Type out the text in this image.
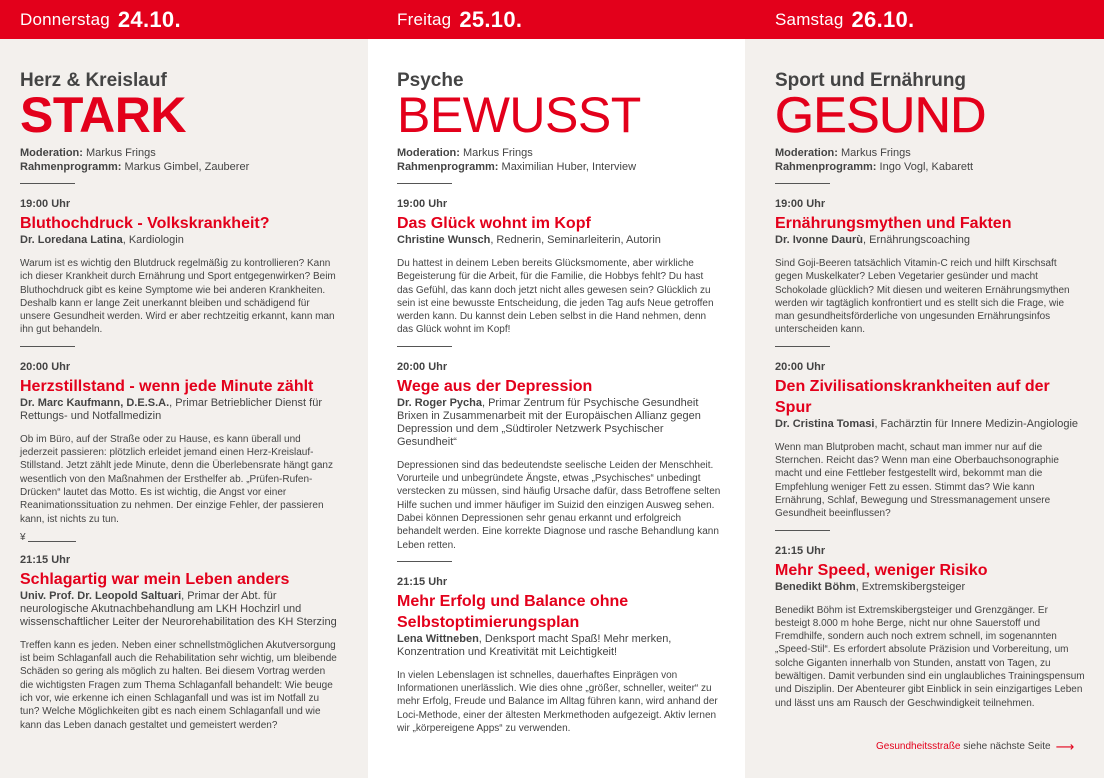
Donnerstag 24.10.	Freitag 25.10.	Samstag 26.10.
Herz & Kreislauf
STARK
Moderation: Markus Frings
Rahmenprogramm: Markus Gimbel, Zauberer
19:00 Uhr
Bluthochdruck - Volkskrankheit?
Dr. Loredana Latina, Kardiologin
Warum ist es wichtig den Blutdruck regelmäßig zu kontrollieren? Kann ich dieser Krankheit durch Ernährung und Sport entgegenwirken? Beim Bluthochdruck gibt es keine Symptome wie bei anderen Krankheiten. Deshalb kann er lange Zeit unerkannt bleiben und schädigend für unsere Gesundheit werden. Wird er aber rechtzeitig erkannt, kann man ihn gut behandeln.
20:00 Uhr
Herzstillstand - wenn jede Minute zählt
Dr. Marc Kaufmann, D.E.S.A., Primar Betrieblicher Dienst für Rettungs- und Notfallmedizin
Ob im Büro, auf der Straße oder zu Hause, es kann überall und jederzeit passieren: plötzlich erleidet jemand einen Herz-Kreislauf-Stillstand. Jetzt zählt jede Minute, denn die Überlebensrate hängt ganz wesentlich von den Maßnahmen der Ersthelfer ab. „Prüfen-Rufen-Drücken“ lautet das Motto. Es ist wichtig, die Angst vor einer Reanimationssituation zu nehmen. Der einzige Fehler, der passieren kann, ist nichts zu tun.
¥
21:15 Uhr
Schlagartig war mein Leben anders
Univ. Prof. Dr. Leopold Saltuari, Primar der Abt. für neurologische Akutnachbehandlung am LKH Hochzirl und wissenschaftlicher Leiter der Neurorehabilitation des KH Sterzing
Treffen kann es jeden. Neben einer schnellstmöglichen Akutversorgung ist beim Schlaganfall auch die Rehabilitation sehr wichtig, um bleibende Schäden so gering als möglich zu halten. Bei diesem Vortrag werden die wichtigsten Fragen zum Thema Schlaganfall behandelt: Wie beuge ich vor, wie erkenne ich einen Schlaganfall und was ist im Notfall zu tun? Welche Möglichkeiten gibt es nach einem Schlaganfall und wie kann das Leben danach gestaltet und gemeistert werden?
Psyche
BEWUSST
Moderation: Markus Frings
Rahmenprogramm: Maximilian Huber, Interview
19:00 Uhr
Das Glück wohnt im Kopf
Christine Wunsch, Rednerin, Seminarleiterin, Autorin
Du hattest in deinem Leben bereits Glücksmomente, aber wirkliche Begeisterung für die Arbeit, für die Familie, die Hobbys fehlt? Du hast das Gefühl, das kann doch jetzt nicht alles gewesen sein? Glücklich zu sein ist eine bewusste Entscheidung, die jeden Tag aufs Neue getroffen werden kann. Du kannst dein Leben selbst in die Hand nehmen, denn das Glück wohnt im Kopf!
20:00 Uhr
Wege aus der Depression
Dr. Roger Pycha, Primar Zentrum für Psychische Gesundheit Brixen in Zusammenarbeit mit der Europäischen Allianz gegen Depression und dem „Südtiroler Netzwerk Psychischer Gesundheit“
Depressionen sind das bedeutendste seelische Leiden der Menschheit. Vorurteile und unbegründete Ängste, etwas „Psychisches“ unbedingt verstecken zu müssen, sind häufig Ursache dafür, dass Betroffene selten Hilfe suchen und immer häufiger im Suizid den einzigen Ausweg sehen. Dabei können Depressionen sehr genau erkannt und erfolgreich behandelt werden. Eine korrekte Diagnose und rasche Behandlung kann Leben retten.
21:15 Uhr
Mehr Erfolg und Balance ohne Selbstoptimierungsplan
Lena Wittneben, Denksport macht Spaß! Mehr merken, Konzentration und Kreativität mit Leichtigkeit!
In vielen Lebenslagen ist schnelles, dauerhaftes Einprägen von Informationen unerlässlich. Wie dies ohne „größer, schneller, weiter“ zu mehr Erfolg, Freude und Balance im Alltag führen kann, wird anhand der Loci-Methode, einer der ältesten Merkmethoden aufgezeigt. Aktiv lernen wir „körpereigene Apps“ zu verwenden.
Sport und Ernährung
GESUND
Moderation: Markus Frings
Rahmenprogramm: Ingo Vogl, Kabarett
19:00 Uhr
Ernährungsmythen und Fakten
Dr. Ivonne Daurù, Ernährungscoaching
Sind Goji-Beeren tatsächlich Vitamin-C reich und hilft Kirschsaft gegen Muskelkater? Leben Vegetarier gesünder und macht Schokolade glücklich? Mit diesen und weiteren Ernährungsmythen werden wir tagtäglich konfrontiert und es stellt sich die Frage, wie man gesundheitsförderliche von ungesunden Ernährungsinfos unterscheiden kann.
20:00 Uhr
Den Zivilisationskrankheiten auf der Spur
Dr. Cristina Tomasi, Fachärztin für Innere Medizin-Angiologie
Wenn man Blutproben macht, schaut man immer nur auf die Sternchen. Reicht das? Wenn man eine Oberbauchsonographie macht und eine Fettleber festgestellt wird, bekommt man die Empfehlung weniger Fett zu essen. Stimmt das? Wie kann Ernährung, Schlaf, Bewegung und Stressmanagement unsere Gesundheit beeinflussen?
21:15 Uhr
Mehr Speed, weniger Risiko
Benedikt Böhm, Extremskibergsteiger
Benedikt Böhm ist Extremskibergsteiger und Grenzgänger. Er besteigt 8.000 m hohe Berge, nicht nur ohne Sauerstoff und Fremdhilfe, sondern auch noch extrem schnell, im sogenannten „Speed-Stil“. Es erfordert absolute Präzision und Vorbereitung, um solche Giganten innerhalb von Stunden, anstatt von Tagen, zu bewältigen. Damit verbunden sind ein unglaubliches Trainingspensum und Disziplin. Der Abenteurer gibt Einblick in sein einzigartiges Leben und lässt uns am Rausch der Geschwindigkeit teilnehmen.
Gesundheitsstraße
siehe nächste Seite ⟶
